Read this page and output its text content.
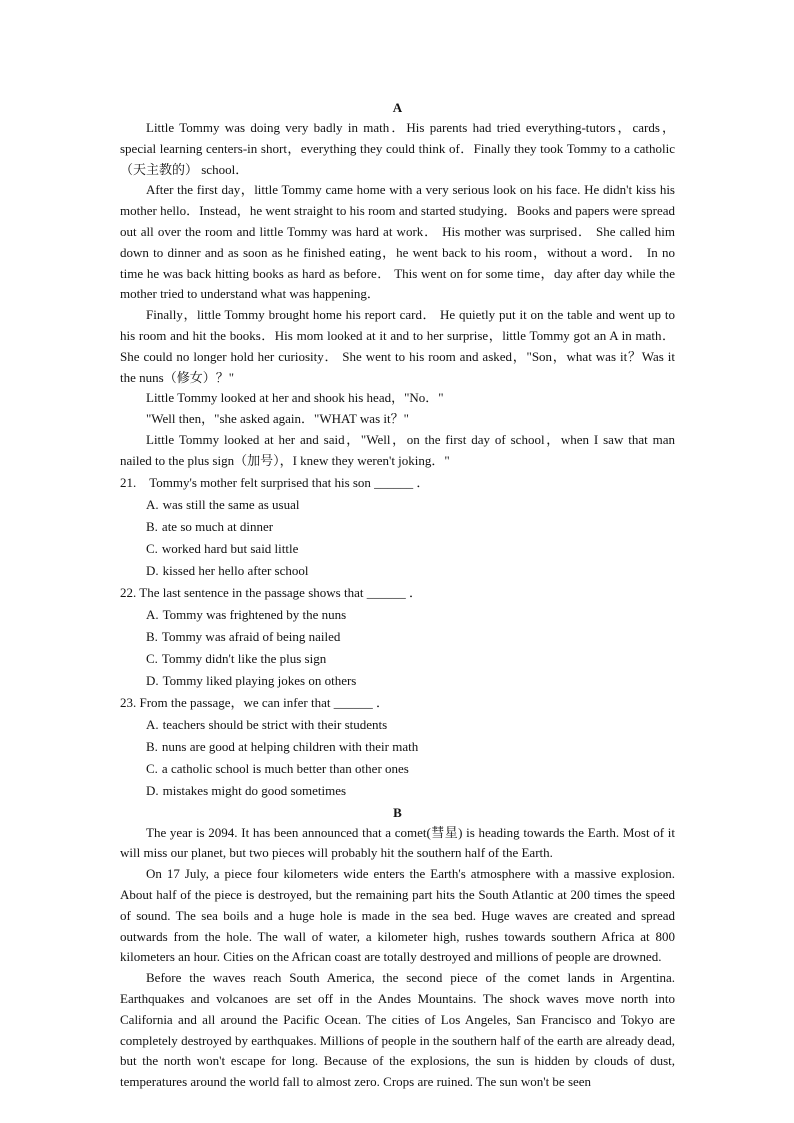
A

Little Tommy was doing very badly in math．His parents had tried everything-tutors，cards，special learning centers-in short，everything they could think of．Finally they took Tommy to a catholic（天主教的） school．

After the first day，little Tommy came home with a very serious look on his face. He didn't kiss his mother hello．Instead，he went straight to his room and started studying．Books and papers were spread out all over the room and little Tommy was hard at work． His mother was surprised． She called him down to dinner and as soon as he finished eating，he went back to his room，without a word． In no time he was back hitting books as hard as before． This went on for some time，day after day while the mother tried to understand what was happening．

Finally，little Tommy brought home his report card． He quietly put it on the table and went up to his room and hit the books．His mom looked at it and to her surprise，little Tommy got an A in math． She could no longer hold her curiosity． She went to his room and asked，"Son，what was it？Was it the nuns（修女）？"

Little Tommy looked at her and shook his head，"No．"

"Well then，"she asked again．"WHAT was it？"

Little Tommy looked at her and said，"Well，on the first day of school，when I saw that man nailed to the plus sign（加号），I knew they weren't joking．"

21.　Tommy's mother felt surprised that his son ______ ．

A. was still the same as usual
B. ate so much at dinner
C. worked hard but said little
D. kissed her hello after school

22. The last sentence in the passage shows that ______ ．

A. Tommy was frightened by the nuns
B. Tommy was afraid of being nailed
C. Tommy didn't like the plus sign
D. Tommy liked playing jokes on others

23. From the passage，we can infer that ______ ．

A. teachers should be strict with their students
B. nuns are good at helping children with their math
C. a catholic school is much better than other ones
D. mistakes might do good sometimes
B

The year is 2094. It has been announced that a comet(彗星) is heading towards the Earth. Most of it will miss our planet, but two pieces will probably hit the southern half of the Earth.

On 17 July, a piece four kilometers wide enters the Earth's atmosphere with a massive explosion. About half of the piece is destroyed, but the remaining part hits the South Atlantic at 200 times the speed of sound. The sea boils and a huge hole is made in the sea bed. Huge waves are created and spread outwards from the hole. The wall of water, a kilometer high, rushes towards southern Africa at 800 kilometers an hour. Cities on the African coast are totally destroyed and millions of people are drowned.

Before the waves reach South America, the second piece of the comet lands in Argentina. Earthquakes and volcanoes are set off in the Andes Mountains. The shock waves move north into California and all around the Pacific Ocean. The cities of Los Angeles, San Francisco and Tokyo are completely destroyed by earthquakes. Millions of people in the southern half of the earth are already dead, but the north won't escape for long. Because of the explosions, the sun is hidden by clouds of dust, temperatures around the world fall to almost zero. Crops are ruined. The sun won't be seen
